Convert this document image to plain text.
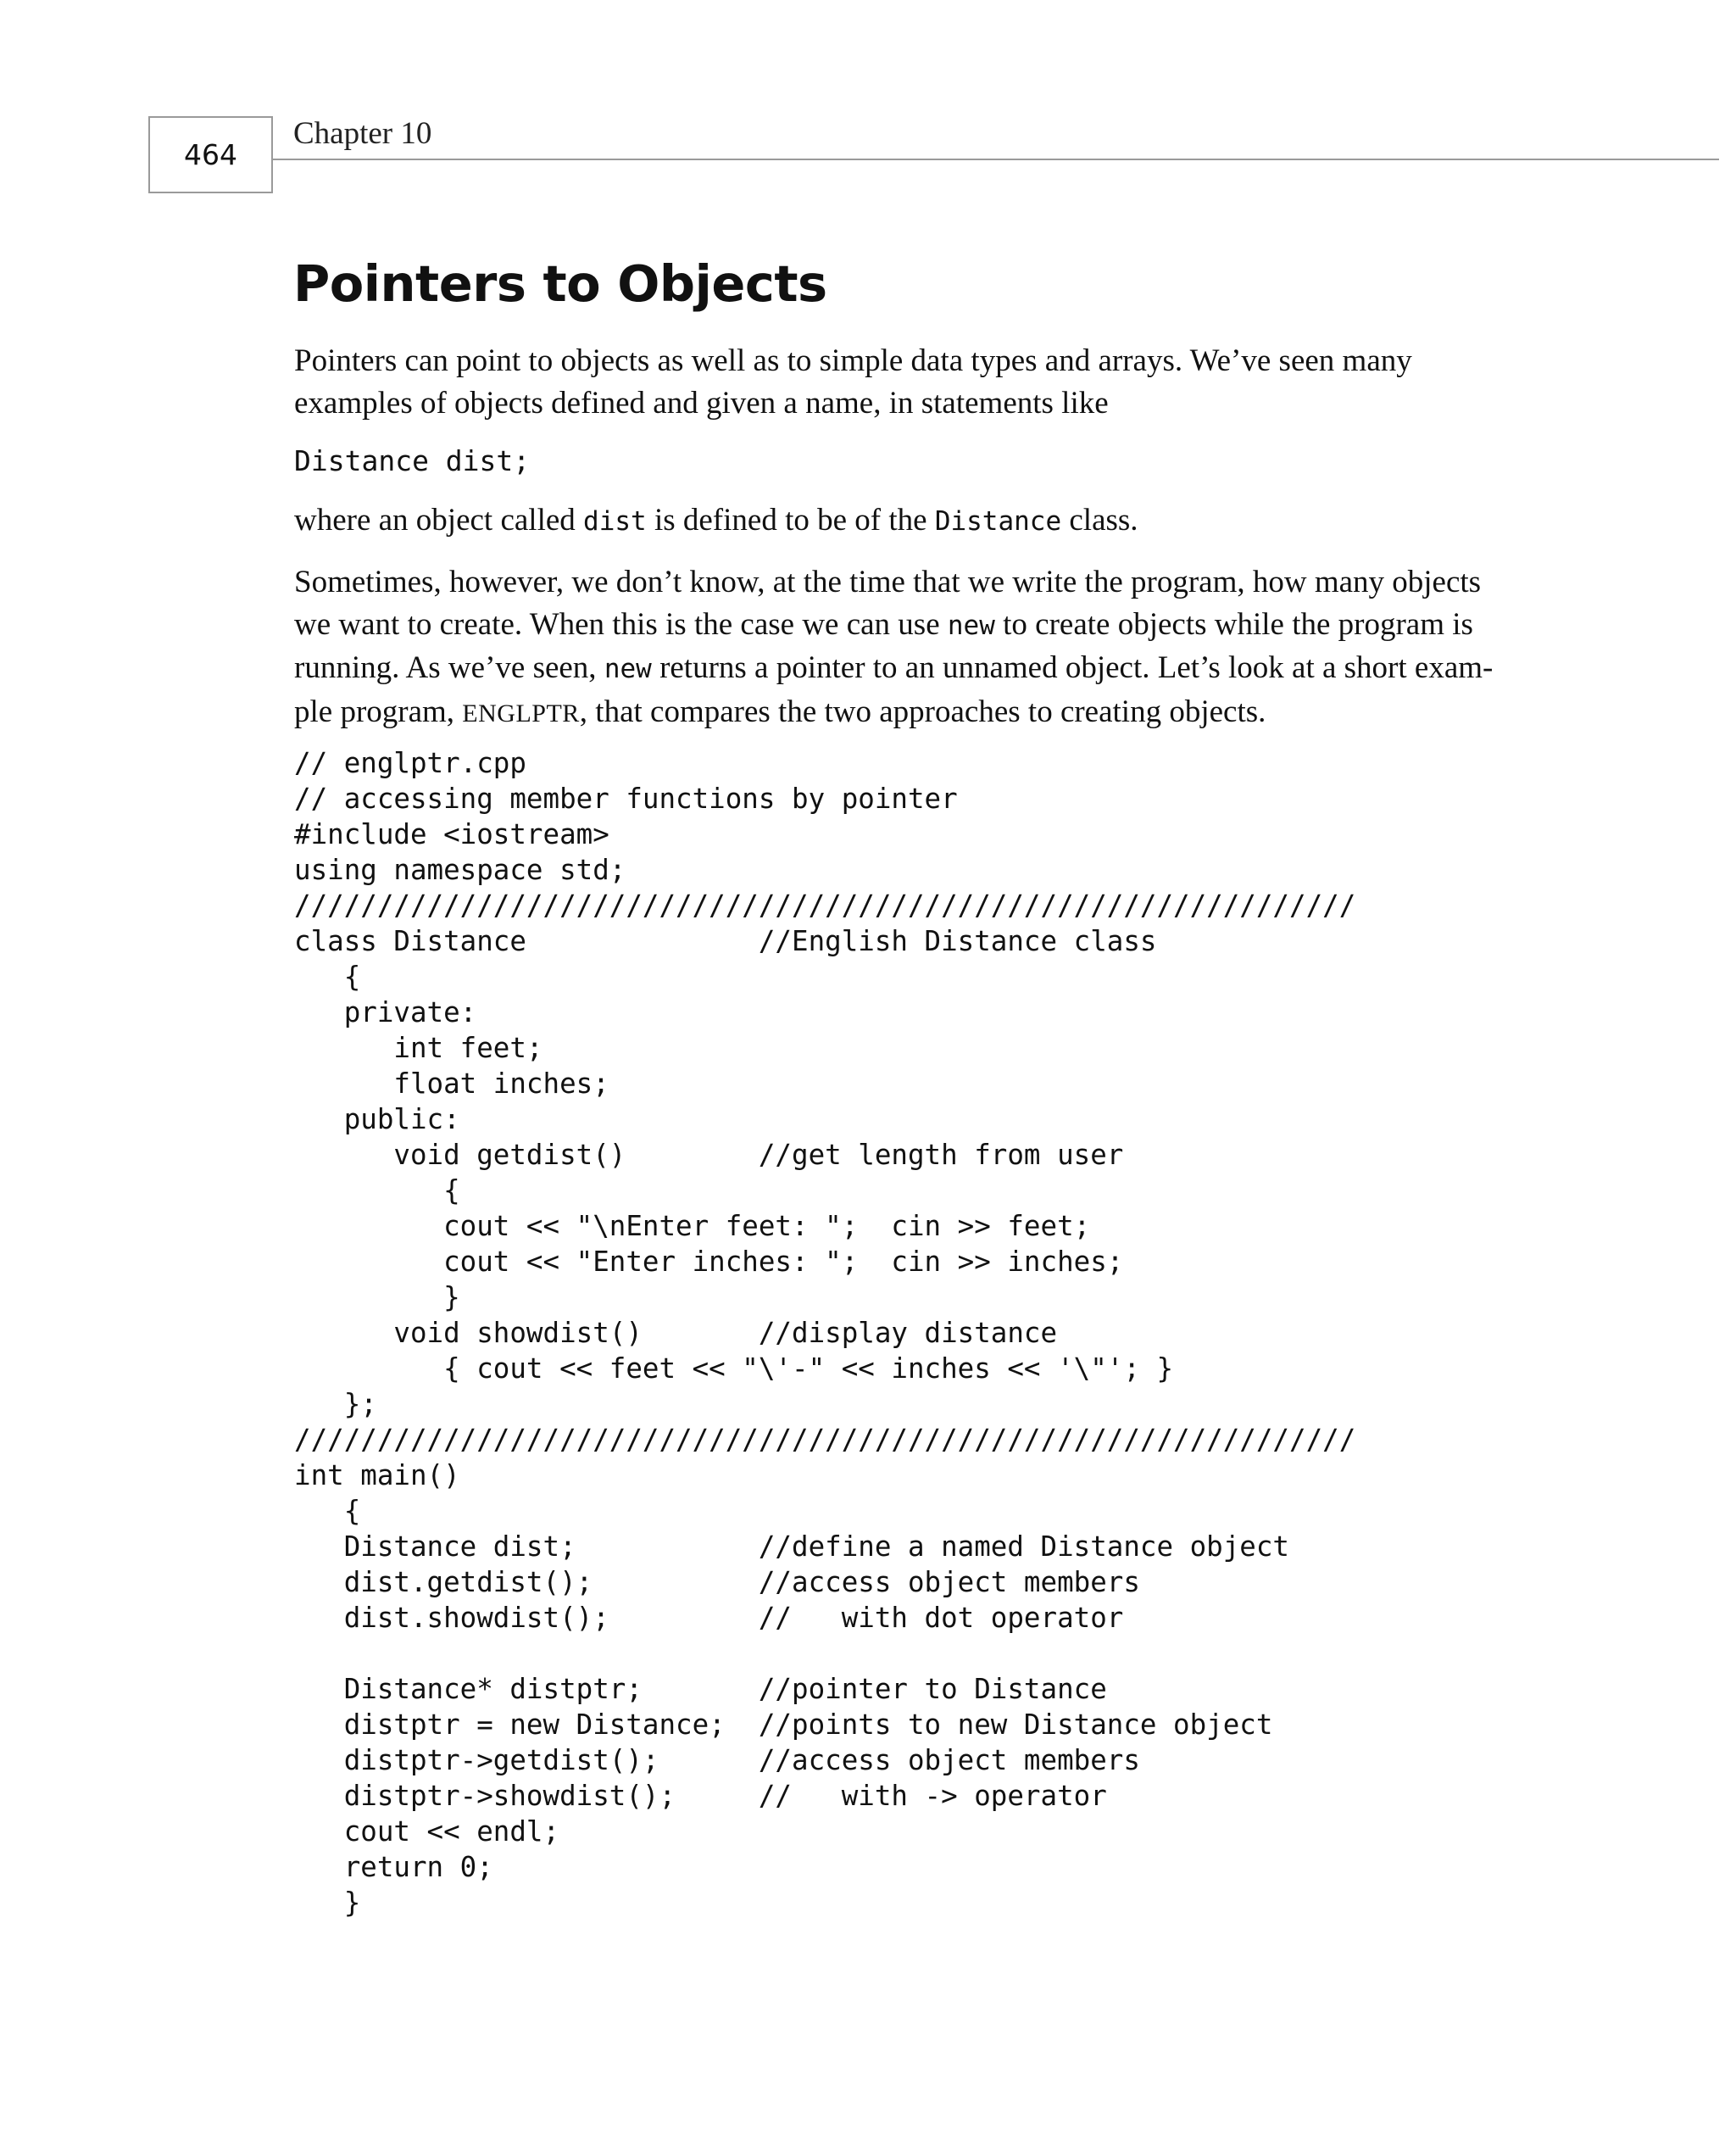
464
Chapter 10
Pointers to Objects
Pointers can point to objects as well as to simple data types and arrays. We’ve seen many
examples of objects defined and given a name, in statements like
Distance dist;
where an object called dist is defined to be of the Distance class.
Sometimes, however, we don’t know, at the time that we write the program, how many objects
we want to create. When this is the case we can use new to create objects while the program is
running. As we’ve seen, new returns a pointer to an unnamed object. Let’s look at a short exam-
ple program, ENGLPTR, that compares the two approaches to creating objects.
// englptr.cpp
// accessing member functions by pointer
#include <iostream>
using namespace std;
////////////////////////////////////////////////////////////////
class Distance              //English Distance class
{
private:
int feet;
float inches;
public:
void getdist()        //get length from user
{
cout << "\nEnter feet: ";  cin >> feet;
cout << "Enter inches: ";  cin >> inches;
}
void showdist()       //display distance
{ cout << feet << "\'-" << inches << '\"'; }
};
////////////////////////////////////////////////////////////////
int main()
{
Distance dist;           //define a named Distance object
dist.getdist();          //access object members
dist.showdist();         //   with dot operator
Distance* distptr;       //pointer to Distance
distptr = new Distance;  //points to new Distance object
distptr->getdist();      //access object members
distptr->showdist();     //   with -> operator
cout << endl;
return 0;
}
